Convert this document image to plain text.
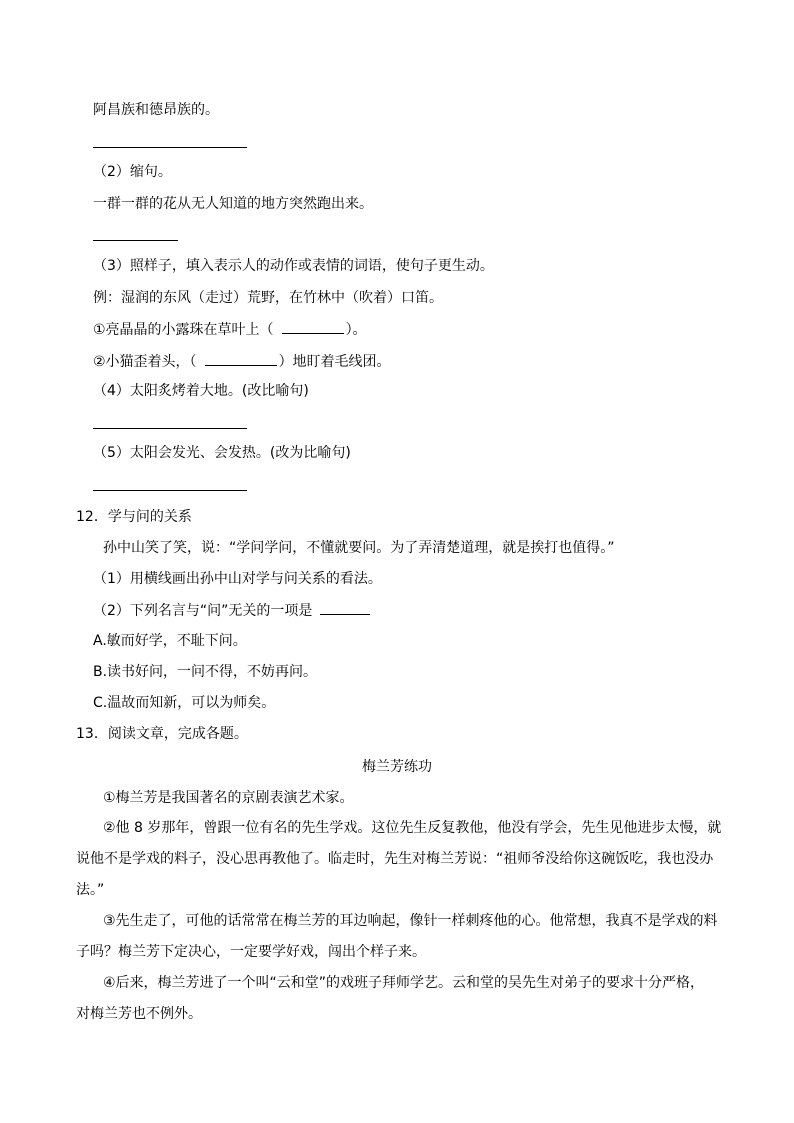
阿昌族和德昂族的。
（2）缩句。
一群一群的花从无人知道的地方突然跑出来。
（3）照样子，填入表示人的动作或表情的词语，使句子更生动。
例：湿润的东风（走过）荒野，在竹林中（吹着）口笛。
①亮晶晶的小露珠在草叶上（	）。
②小猫歪着头，（	）地盯着毛线团。
（4）太阳炙烤着大地。(改比喻句)
（5）太阳会发光、会发热。(改为比喻句)
12．学与问的关系
孙中山笑了笑，说：“学问学问，不懂就要问。为了弄清楚道理，就是挨打也值得。”
（1）用横线画出孙中山对学与问关系的看法。
（2）下列名言与“问”无关的一项是
A.敏而好学，不耻下问。
B.读书好问，一问不得，不妨再问。
C.温故而知新，可以为师矣。
13．阅读文章，完成各题。
梅兰芳练功
①梅兰芳是我国著名的京剧表演艺术家。
②他 8 岁那年，曾跟一位有名的先生学戏。这位先生反复教他，他没有学会，先生见他进步太慢，就
说他不是学戏的料子，没心思再教他了。临走时，先生对梅兰芳说：“祖师爷没给你这碗饭吃，我也没办
法。”
③先生走了，可他的话常常在梅兰芳的耳边响起，像针一样刺疼他的心。他常想，我真不是学戏的料
子吗？梅兰芳下定决心，一定要学好戏，闯出个样子来。
④后来，梅兰芳进了一个叫“云和堂”的戏班子拜师学艺。云和堂的吴先生对弟子的要求十分严格，
对梅兰芳也不例外。
